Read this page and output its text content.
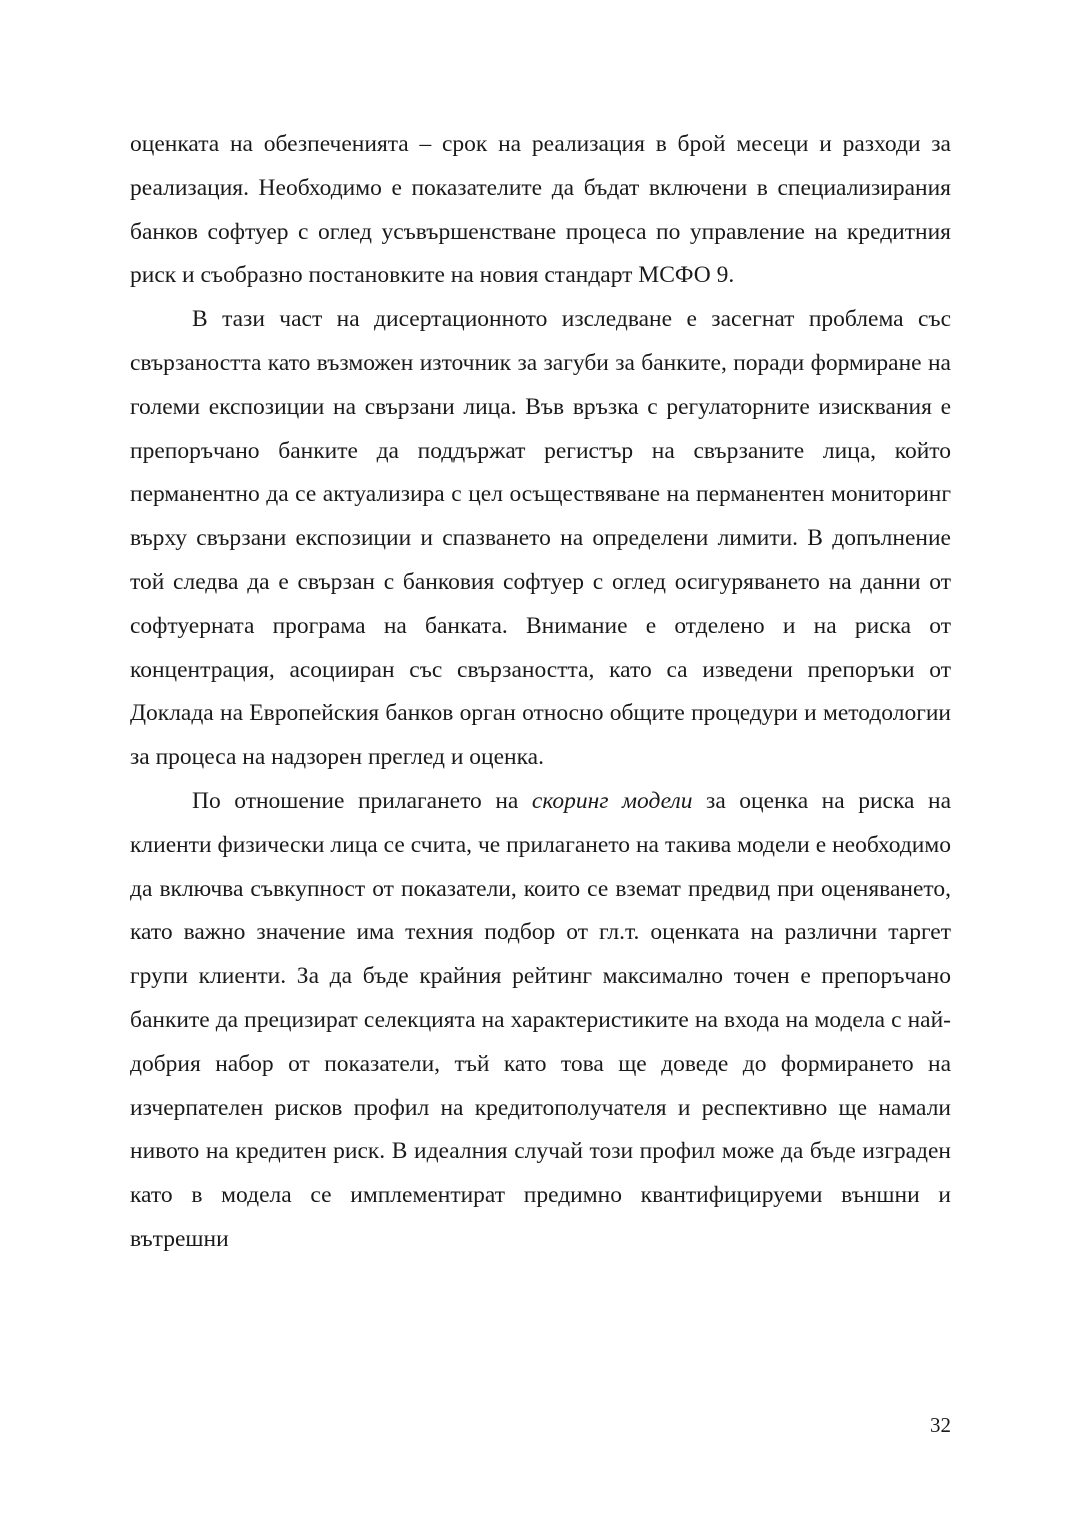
оценката на обезпеченията – срок на реализация в брой месеци и разходи за реализация. Необходимо е показателите да бъдат включени в специализирания банков софтуер с оглед усъвършенстване процеса по управление на кредитния риск и съобразно постановките на новия стандарт МСФО 9.

В тази част на дисертационното изследване е засегнат проблема със свързаността като възможен източник за загуби за банките, поради формиране на големи експозиции на свързани лица. Във връзка с регулаторните изисквания е препоръчано банките да поддържат регистър на свързаните лица, който перманентно да се актуализира с цел осъществяване на перманентен мониторинг върху свързани експозиции и спазването на определени лимити. В допълнение той следва да е свързан с банковия софтуер с оглед осигуряването на данни от софтуерната програма на банката. Внимание е отделено и на риска от концентрация, асоцииран със свързаността, като са изведени препоръки от Доклада на Европейския банков орган относно общите процедури и методологии за процеса на надзорен преглед и оценка.

По отношение прилагането на скоринг модели за оценка на риска на клиенти физически лица се счита, че прилагането на такива модели е необходимо да включва съвкупност от показатели, които се вземат предвид при оценяването, като важно значение има техния подбор от гл.т. оценката на различни таргет групи клиенти. За да бъде крайния рейтинг максимално точен е препоръчано банките да прецизират селекцията на характеристиките на входа на модела с най-добрия набор от показатели, тъй като това ще доведе до формирането на изчерпателен рисков профил на кредитополучателя и респективно ще намали нивото на кредитен риск. В идеалния случай този профил може да бъде изграден като в модела се имплементират предимно квантифицируеми външни и вътрешни

32
